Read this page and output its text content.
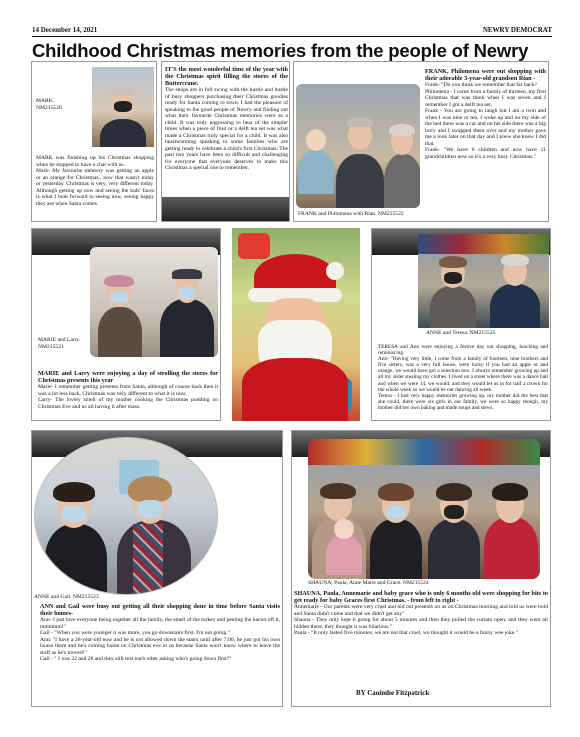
14 December 14, 2021	NEWRY DEMOCRAT
Childhood Christmas memories from the people of Newry
MARK. NM215520
MARK was finishing up his Christmas shopping when he stopped to have a chat with us.
Mark- My favourite memory was getting an apple or an orange for Christmas.. now that wasn't today or yesterday. Christmas is very, very different today. Although getting up now and seeing the kids' faces is what I look forward to seeing now, seeing happy they are when Santa comes.
IT'S the most wonderful time of the year with the Christmas spirit filling the stores of the Buttercrane.
The shops are in full swing with the hustle and bustle of busy shoppers purchasing their Christmas goodies ready for Santa coming to town. I had the pleasure of speaking to the good people of Newry and finding out what their favourite Christmas memories were as a child. It was truly engrossing to hear of the simpler times when a piece of fruit or a delft tea set was what made a Christmas truly special for a child. It was also heartwarming speaking to some families who are getting ready to celebrate a child's first Christmas. The past two years have been so difficult and challenging for everyone that everyone deserves to make this Christmas a special one to remember.
FRANK, Philomena were out shopping with their adorable 3-year-old grandson Rian -
Frank- "Do you think we remember that far back?
Philomena - I come from a family of thirteen, my first Christmas that was think when I was seven and I remember I got a delft tea set.
Frank - You are going to laugh but I am a twin and when I was nine or ten, I woke up and on my side of the bed there was a car and on his side there was a big lorry and I swapped them over and my mother gave me a look later on that day and I knew she knew I did that.
Frank- "We have 6 children and now have 11 grandchildren now so it's a very busy Christmas."
FRANK and Philomena with Rian. NM215522
MARIE and Larry. NM215521
MARIE and Larry were enjoying a day of strolling the stores for Christmas presents this year
Marie- I remember getting presents from Santa, although of course back then it was a lot less back, Christmas was very different to what it is now.
Larry- The lovely smell of my mother cooking the Christmas pudding on Christmas Eve and us all having it after mass.
ANNE and Teresa. NM215525
TERESA and Ann were enjoying a festive day out shopping, lunching and reminiscing.
Ann- "Having very little, I come from a family of fourteen, nine brothers and five sisters, was a very full house, were lucky if you had an apple or and orange, we would have got a selection box. I always remember growing up and all my sister stealing my clothes. I lived on a street where there was a dance hall and when we were 14, we would; and they would let us in for half a crown for the whole week so we would be out dancing all week.
Teresa - I had very happy memories growing up, my mother did the best that she could, there were six girls in our family, we were so happy though, my mother did her own baking and made soups and stews.
ANNE and Gail. NM215523
ANN and Gail were busy out getting all their shopping done in time before Santa visits their homes-
Ann- I just love everyone being together all the family, the smell of the turkey and peeling the bacon off it, mmmmm!"
Gail - "When you were younger it was more, you go downstairs first, I'm not going."
Ann: "I have a 28-year-old now and he is not allowed down the stairs until after 7:00, he just got his own house there and he's coming home on Christmas eve to us because Santa won't know where to leave the stuff as he's moved!"
Gail - " I was 22 and 26 and they still text each other asking who's going down first?"
SHAUNA, Paula, Anne Marie and Grace. NM215524
SHAUNA, Paula, Annemarie and baby grace who is only 6 months old were shopping for bits to get ready for baby Graces first Christmas. - from left to right -
Annemarie - Our parents were very cruel and hid out presents on us on Christmas morning and told us were bold and Santa didn't come and that we didn't get any"
Shauna - They only kept it going for about 5 minutes and then they pulled the curtain open, and they were all hidden there, they thought it was hilarious."
Paula - "It only lasted five minutes, we are not that cruel, we thought it would be a funny wee joke."
BY Caoimhe Fitzpatrick
